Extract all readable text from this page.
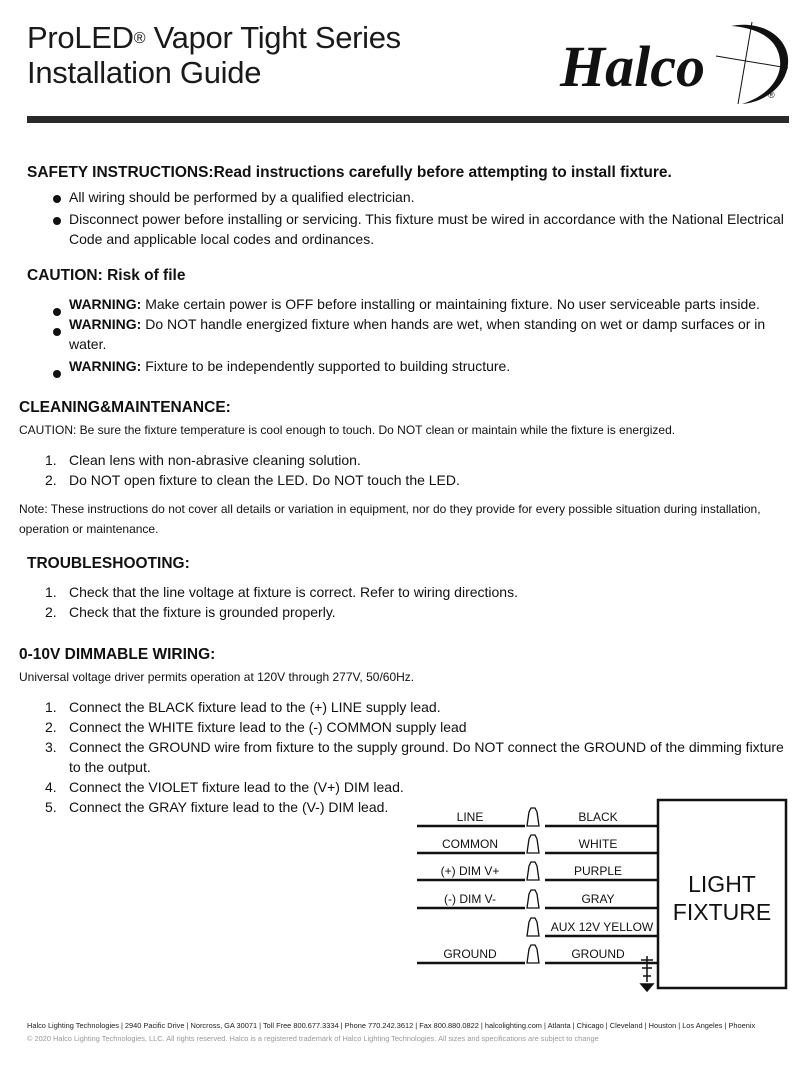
ProLED® Vapor Tight Series
Installation Guide	Halco	®
SAFETY INSTRUCTIONS:Read instructions carefully before attempting to install fixture.
All wiring should be performed by a qualified electrician.
Disconnect power before installing or servicing. This fixture must be wired in accordance with the National Electrical Code and applicable local codes and ordinances.
CAUTION: Risk of file
WARNING: Make certain power is OFF before installing or maintaining fixture. No user serviceable parts inside.
WARNING: Do NOT handle energized fixture when hands are wet, when standing on wet or damp surfaces or in water.
WARNING: Fixture to be independently supported to building structure.
CLEANING&MAINTENANCE:
CAUTION: Be sure the fixture temperature is cool enough to touch. Do NOT clean or maintain while the fixture is energized.
1. Clean lens with non-abrasive cleaning solution.
2. Do NOT open fixture to clean the LED. Do NOT touch the LED.
Note: These instructions do not cover all details or variation in equipment, nor do they provide for every possible situation during installation, operation or maintenance.
TROUBLESHOOTING:
1. Check that the line voltage at fixture is correct. Refer to wiring directions.
2. Check that the fixture is grounded properly.
0-10V DIMMABLE WIRING:
Universal voltage driver permits operation at 120V through 277V, 50/60Hz.
1. Connect the BLACK fixture lead to the (+) LINE supply lead.
2. Connect the WHITE fixture lead to the (-) COMMON supply lead
3. Connect the GROUND wire from fixture to the supply ground. Do NOT connect the GROUND of the dimming fixture to the output.
4. Connect the VIOLET fixture lead to the (V+) DIM lead.
5. Connect the GRAY fixture lead to the (V-) DIM lead.
LIGHT
FIXTURE
LINE
COMMON
(+) DIM V+
(-) DIM V-
GROUND
BLACK
WHITE
PURPLE
GRAY
AUX 12V YELLOW
GROUND
Halco Lighting Technologies | 2940 Pacific Drive | Norcross, GA 30071 | Toll Free 800.677.3334 | Phone 770.242.3612 | Fax 800.880.0822 | halcolighting.com | Atlanta | Chicago | Cleveland | Houston | Los Angeles | Phoenix
© 2020 Halco Lighting Technologies, LLC. All rights reserved. Halco is a registered trademark of Halco Lighting Technologies. All sizes and specifications are subject to change
